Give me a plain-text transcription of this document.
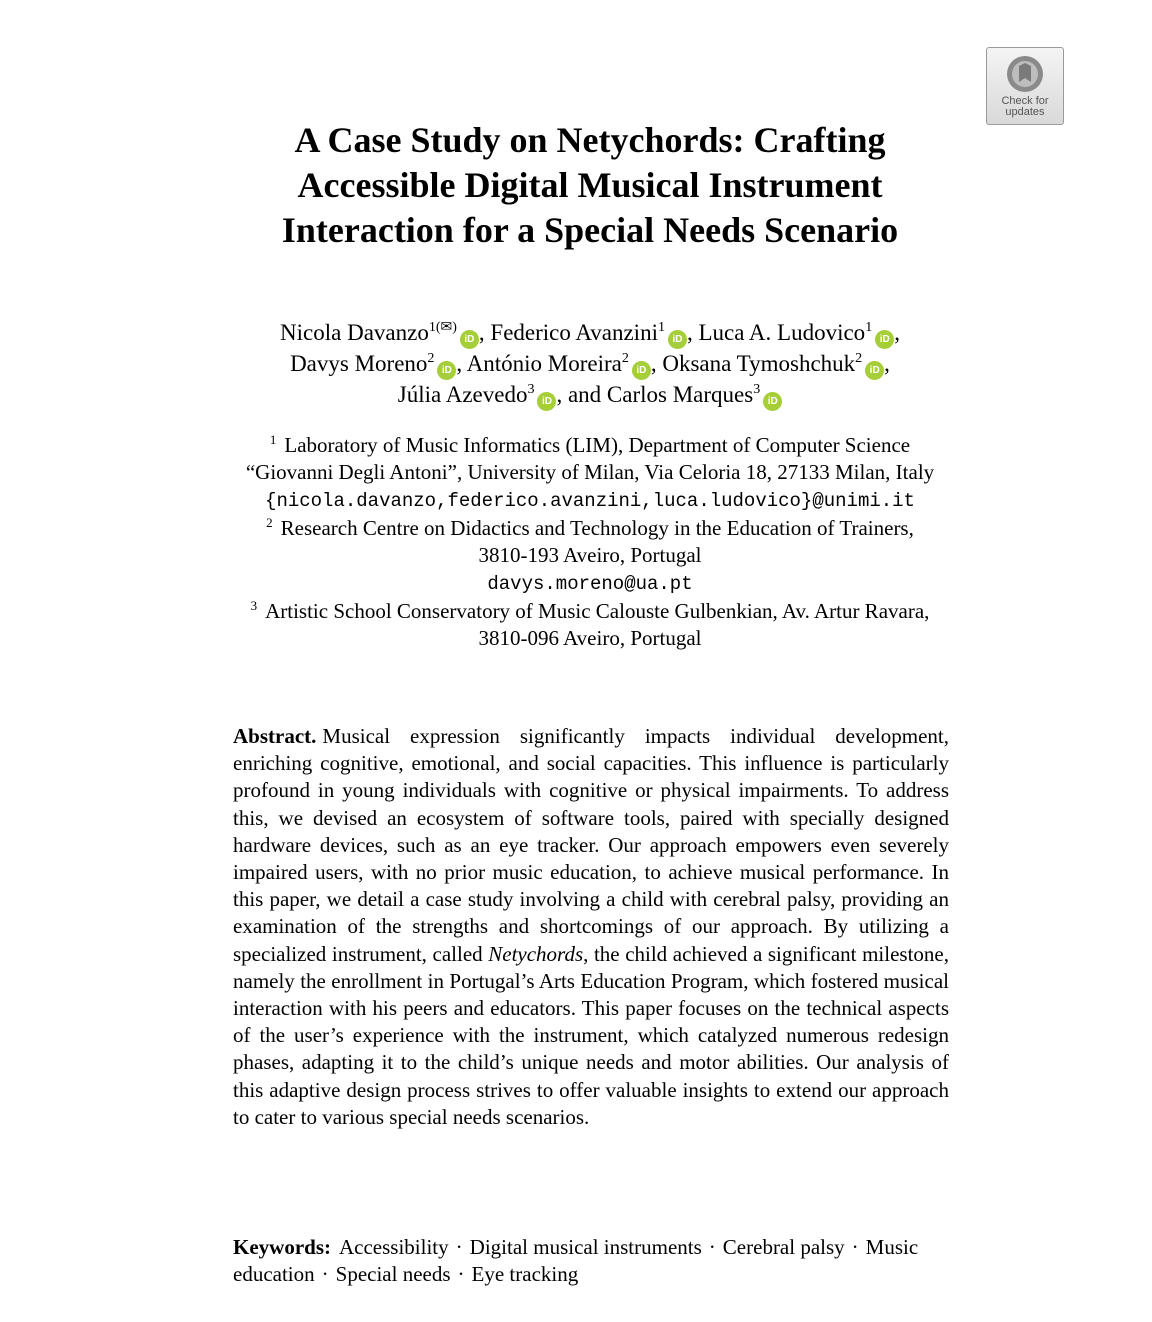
Check for
updates
A Case Study on Netychords: Crafting
Accessible Digital Musical Instrument
Interaction for a Special Needs Scenario
Nicola Davanzo$^{1(✉)}$iD , Federico Avanzini$^1$iD , Luca A. Ludovico$^1$iD ,
Davys Moreno$^2$iD , António Moreira$^2$iD , Oksana Tymoshchuk$^2$iD ,
Júlia Azevedo$^3$iD , and Carlos Marques$^3$iD
$^1$ Laboratory of Music Informatics (LIM), Department of Computer Science
“Giovanni Degli Antoni”, University of Milan, Via Celoria 18, 27133 Milan, Italy
{nicola.davanzo,federico.avanzini,luca.ludovico}@unimi.it
$^2$ Research Centre on Didactics and Technology in the Education of Trainers,
3810-193 Aveiro, Portugal
davys.moreno@ua.pt
$^3$ Artistic School Conservatory of Music Calouste Gulbenkian, Av. Artur Ravara,
3810-096 Aveiro, Portugal
Abstract. Musical expression significantly impacts individual development, enriching cognitive, emotional, and social capacities. This influence is particularly profound in young individuals with cognitive or physical impairments. To address this, we devised an ecosystem of software tools, paired with specially designed hardware devices, such as an eye tracker. Our approach empowers even severely impaired users, with no prior music education, to achieve musical performance. In this paper, we detail a case study involving a child with cerebral palsy, providing an examination of the strengths and shortcomings of our approach. By utilizing a specialized instrument, called Netychords, the child achieved a significant milestone, namely the enrollment in Portugal’s Arts Education Program, which fostered musical interaction with his peers and educators. This paper focuses on the technical aspects of the user’s experience with the instrument, which catalyzed numerous redesign phases, adapting it to the child’s unique needs and motor abilities. Our analysis of this adaptive design process strives to offer valuable insights to extend our approach to cater to various special needs scenarios.
Keywords: Accessibility · Digital musical instruments · Cerebral palsy · Music education · Special needs · Eye tracking
